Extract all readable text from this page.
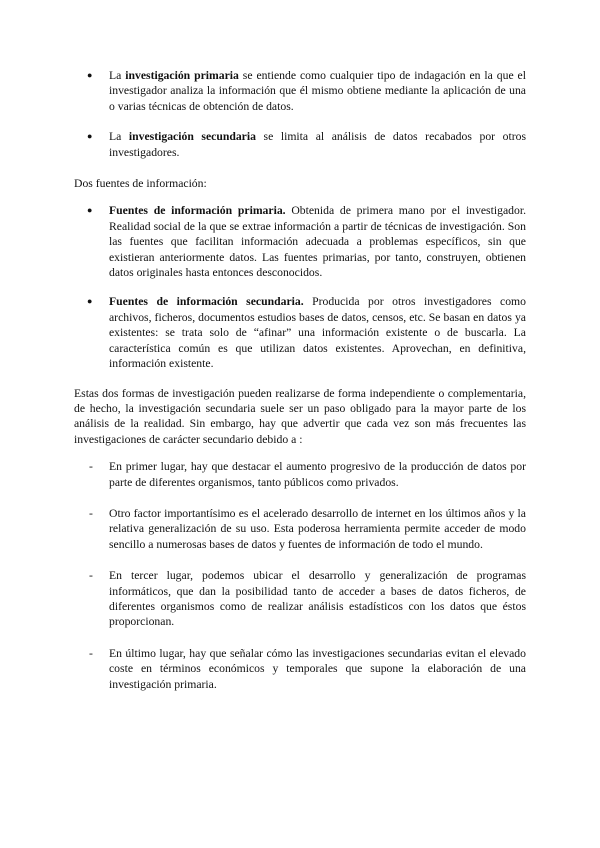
● La investigación primaria se entiende como cualquier tipo de indagación en la que el investigador analiza la información que él mismo obtiene mediante la aplicación de una o varias técnicas de obtención de datos.
● La investigación secundaria se limita al análisis de datos recabados por otros investigadores.

Dos fuentes de información:

● Fuentes de información primaria. Obtenida de primera mano por el investigador. Realidad social de la que se extrae información a partir de técnicas de investigación. Son las fuentes que facilitan información adecuada a problemas específicos, sin que existieran anteriormente datos. Las fuentes primarias, por tanto, construyen, obtienen datos originales hasta entonces desconocidos.
● Fuentes de información secundaria. Producida por otros investigadores como archivos, ficheros, documentos estudios bases de datos, censos, etc. Se basan en datos ya existentes: se trata solo de “afinar” una información existente o de buscarla. La característica común es que utilizan datos existentes. Aprovechan, en definitiva, información existente.

Estas dos formas de investigación pueden realizarse de forma independiente o complementaria, de hecho, la investigación secundaria suele ser un paso obligado para la mayor parte de los análisis de la realidad. Sin embargo, hay que advertir que cada vez son más frecuentes las investigaciones de carácter secundario debido a :

- En primer lugar, hay que destacar el aumento progresivo de la producción de datos por parte de diferentes organismos, tanto públicos como privados.
- Otro factor importantísimo es el acelerado desarrollo de internet en los últimos años y la relativa generalización de su uso. Esta poderosa herramienta permite acceder de modo sencillo a numerosas bases de datos y fuentes de información de todo el mundo.
- En tercer lugar, podemos ubicar el desarrollo y generalización de programas informáticos, que dan la posibilidad tanto de acceder a bases de datos ficheros, de diferentes organismos como de realizar análisis estadísticos con los datos que éstos proporcionan.
- En último lugar, hay que señalar cómo las investigaciones secundarias evitan el elevado coste en términos económicos y temporales que supone la elaboración de una investigación primaria.
